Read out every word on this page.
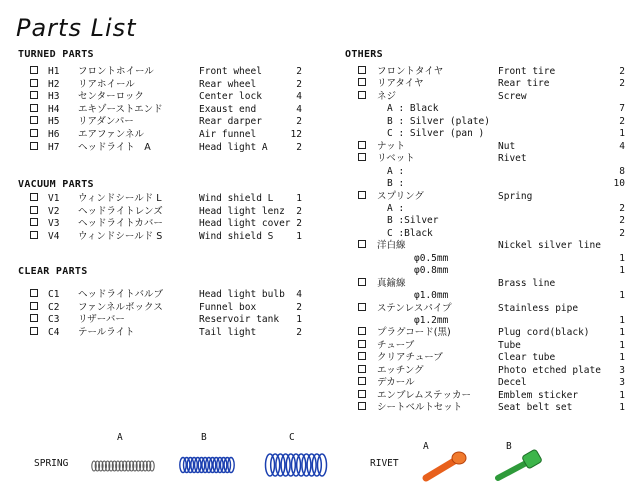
Parts List
TURNED PARTS
H1 フロントホイール	Front wheel	2
H2 リアホイール	Rear wheel	2
H3 センターロック	Center lock	4
H4 エキゾーストエンド	Exaust end	4
H5 リアダンパー	Rear darper	2
H6 エアファンネル	Air funnel	12
H7 ヘッドライト　A	Head light A	2
VACUUM PARTS
V1 ウィンドシールド L	Wind shield L	1
V2 ヘッドライトレンズ	Head light lenz	2
V3 ヘッドライトカバー	Head light cover 2
V4 ウィンドシールド S	Wind shield S	1
CLEAR PARTS
C1 ヘッドライトバルブ	Head light bulb	4
C2 ファンネルボックス	Funnel box	2
C3 リザーバー	Reservoir tank	1
C4 テールライト	Tail light	2
OTHERS
フロントタイヤ	Front tire	2
リアタイヤ	Rear tire	2
ネジ	Screw
A : Black	7
B : Silver (plate)	2
C : Silver (pan )	1
ナット	Nut	4
リベット	Rivet
A :	8
B :	10
スプリング	Spring
A :	2
B :Silver	2
C :Black	2
洋白線	Nickel silver line
φ0.5mm	1
φ0.8mm	1
真鍮線	Brass line
φ1.0mm	1
ステンレスパイプ	Stainless pipe
φ1.2mm	1
プラグコード(黒)	Plug cord(black)	1
チューブ	Tube	1
クリアチューブ	Clear tube	1
エッチング	Photo etched plate	3
デカール	Decel	3
エンブレムステッカー	Emblem sticker	1
シートベルトセット	Seat belt set	1
SPRING
A	B	C
RIVET
A	B
